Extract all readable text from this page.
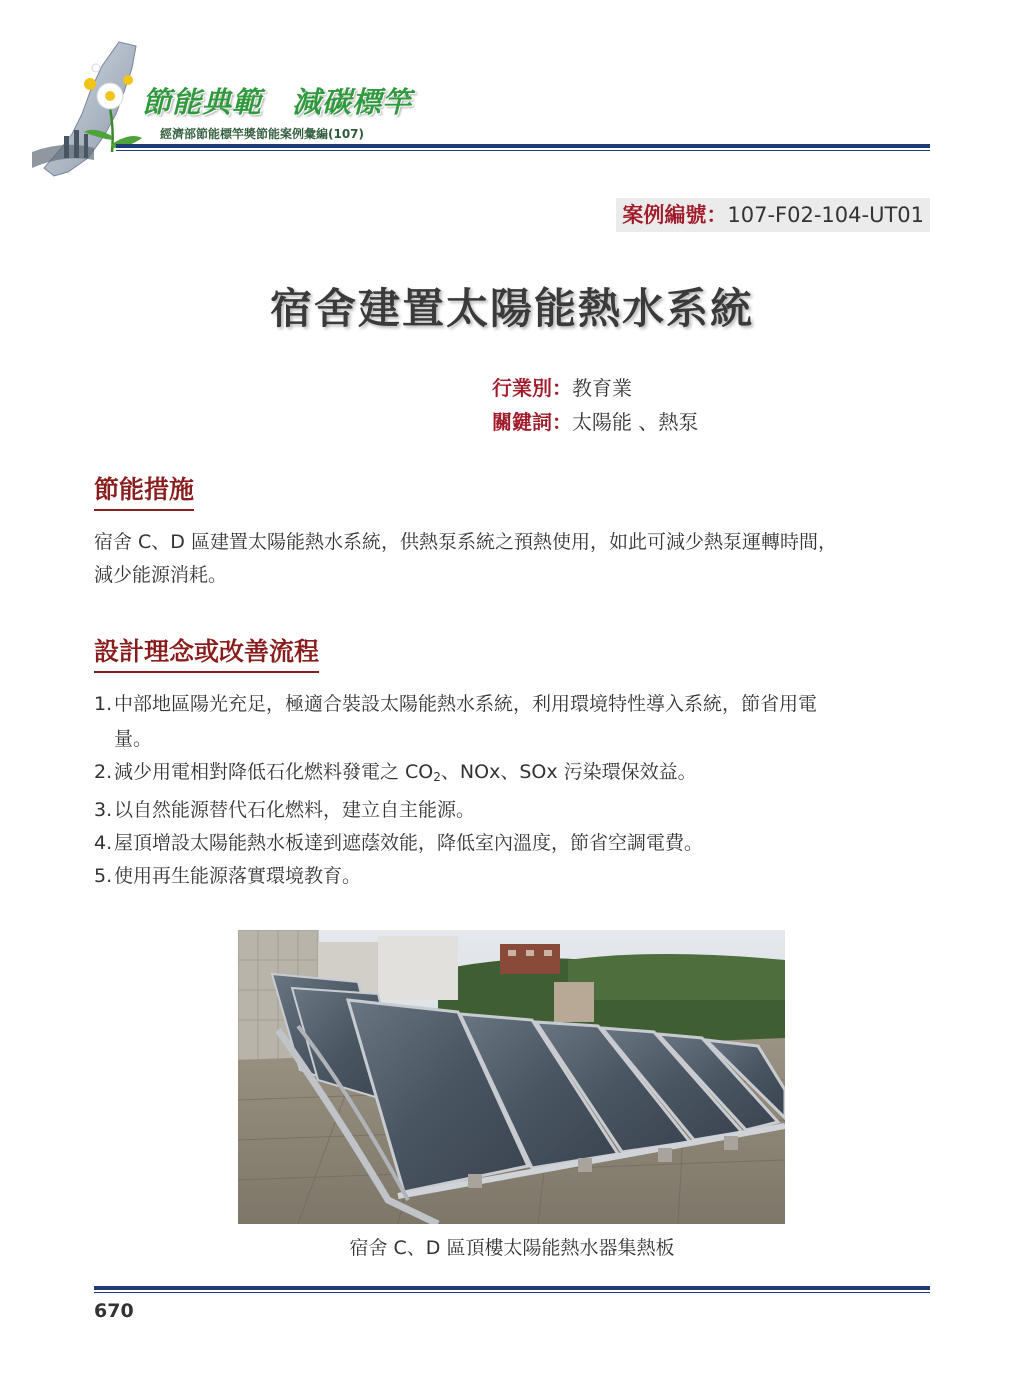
節能典範　減碳標竿
經濟部節能標竿獎節能案例彙編(107)
案例編號：107-F02-104-UT01
宿舍建置太陽能熱水系統
行業別：教育業
關鍵詞：太陽能 、熱泵
節能措施
宿舍 C、D 區建置太陽能熱水系統，供熱泵系統之預熱使用，如此可減少熱泵運轉時間，
減少能源消耗。
設計理念或改善流程
1. 中部地區陽光充足，極適合裝設太陽能熱水系統，利用環境特性導入系統，節省用電
量。
2. 減少用電相對降低石化燃料發電之 $CO_2$、NOx、SOx 污染環保效益。
3. 以自然能源替代石化燃料，建立自主能源。
4. 屋頂增設太陽能熱水板達到遮蔭效能，降低室內溫度，節省空調電費。
5. 使用再生能源落實環境教育。
宿舍 C、D 區頂樓太陽能熱水器集熱板
670
